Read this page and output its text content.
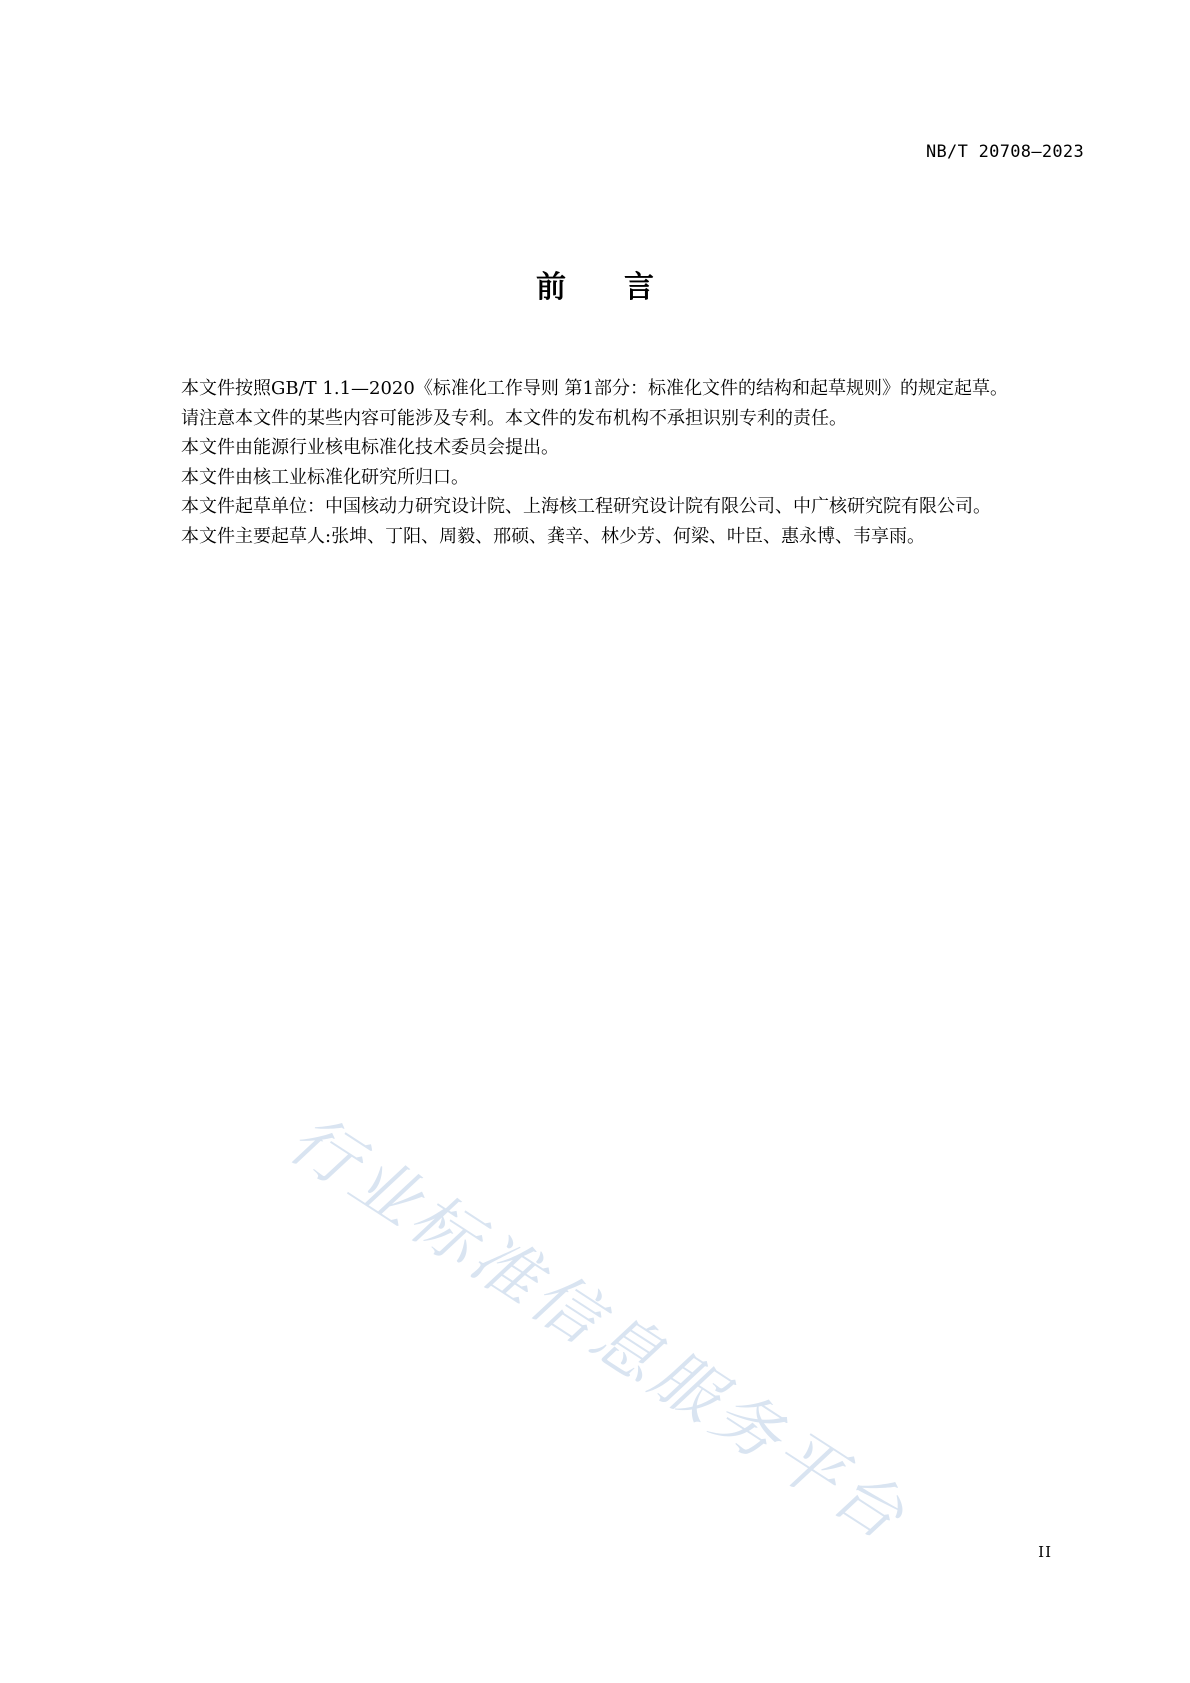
NB/T 20708—2023
前 言

本文件按照GB/T 1.1—2020《标准化工作导则 第1部分：标准化文件的结构和起草规则》的规定起草。

请注意本文件的某些内容可能涉及专利。本文件的发布机构不承担识别专利的责任。

本文件由能源行业核电标准化技术委员会提出。

本文件由核工业标准化研究所归口。

本文件起草单位：中国核动力研究设计院、上海核工程研究设计院有限公司、中广核研究院有限公司。

本文件主要起草人:张坤、丁阳、周毅、邢硕、龚辛、林少芳、何梁、叶臣、惠永博、韦享雨。

行业标准信息服务平台	II
